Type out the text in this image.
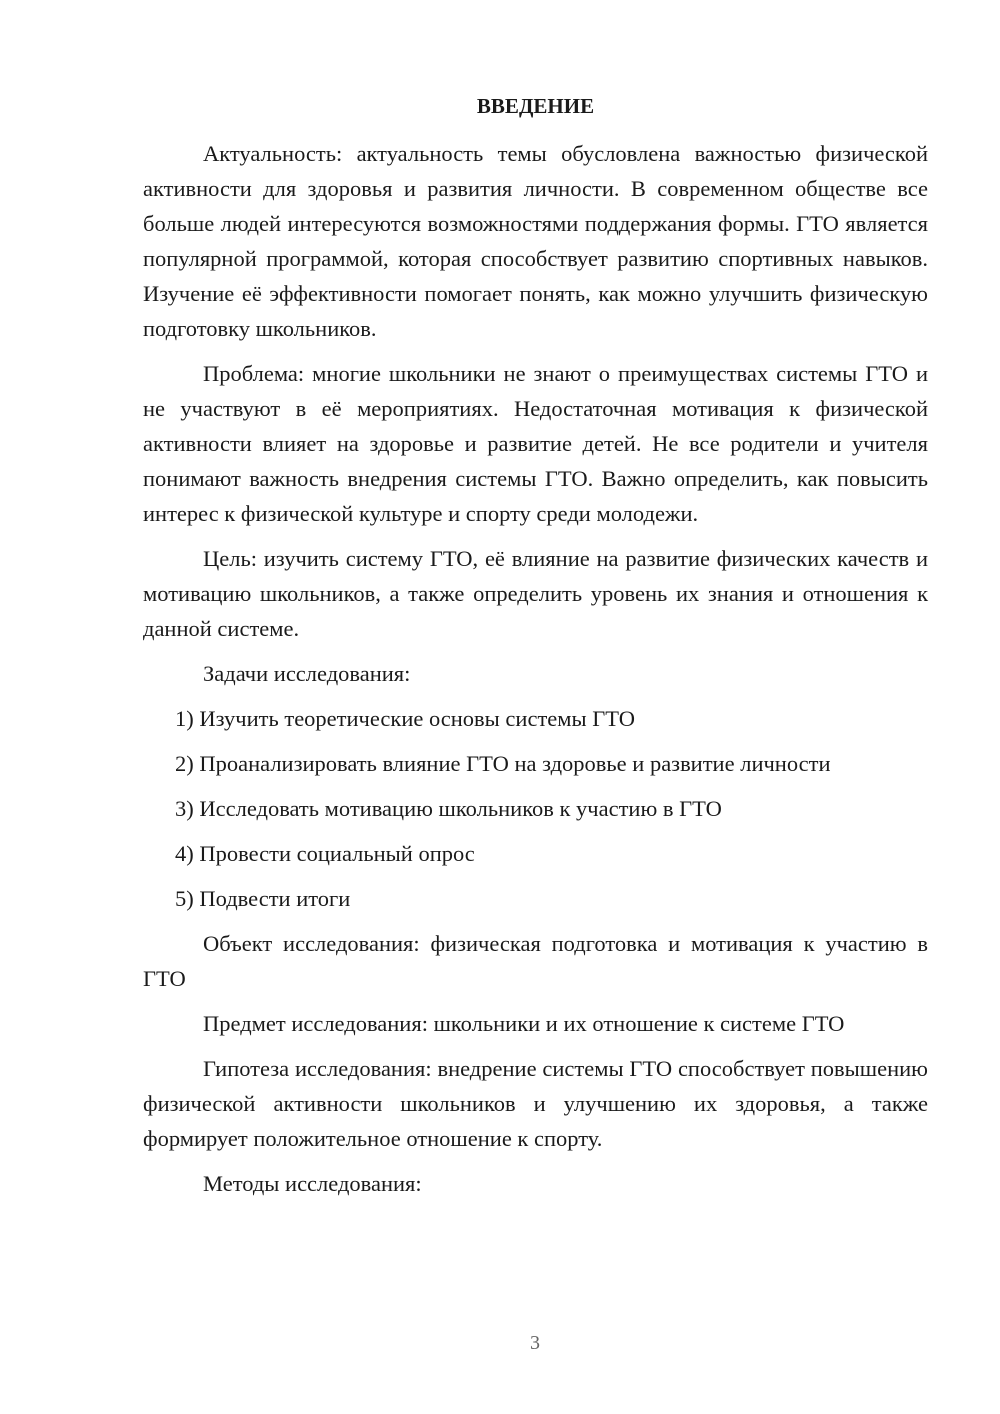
ВВЕДЕНИЕ

Актуальность: актуальность темы обусловлена важностью физической активности для здоровья и развития личности. В современном обществе все больше людей интересуются возможностями поддержания формы. ГТО является популярной программой, которая способствует развитию спортивных навыков. Изучение её эффективности помогает понять, как можно улучшить физическую подготовку школьников.

Проблема: многие школьники не знают о преимуществах системы ГТО и не участвуют в её мероприятиях. Недостаточная мотивация к физической активности влияет на здоровье и развитие детей. Не все родители и учителя понимают важность внедрения системы ГТО. Важно определить, как повысить интерес к физической культуре и спорту среди молодежи.

Цель: изучить систему ГТО, её влияние на развитие физических качеств и мотивацию школьников, а также определить уровень их знания и отношения к данной системе.

Задачи исследования:

1) Изучить теоретические основы системы ГТО
2) Проанализировать влияние ГТО на здоровье и развитие личности
3) Исследовать мотивацию школьников к участию в ГТО
4) Провести социальный опрос
5) Подвести итоги

Объект исследования: физическая подготовка и мотивация к участию в ГТО

Предмет исследования: школьники и их отношение к системе ГТО

Гипотеза исследования: внедрение системы ГТО способствует повышению физической активности школьников и улучшению их здоровья, а также формирует положительное отношение к спорту.

Методы исследования:

3
